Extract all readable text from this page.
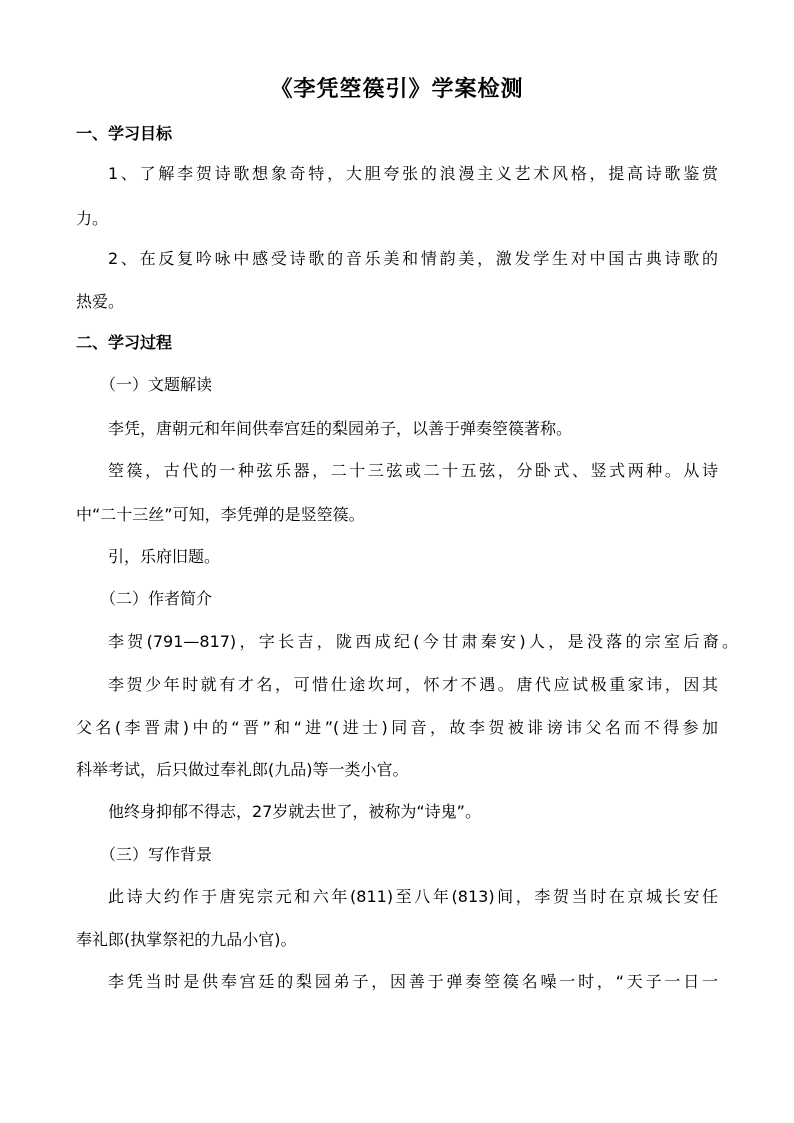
《李凭箜篌引》学案检测
一、学习目标
1、了解李贺诗歌想象奇特，大胆夸张的浪漫主义艺术风格，提高诗歌鉴赏
力。
2、在反复吟咏中感受诗歌的音乐美和情韵美，激发学生对中国古典诗歌的
热爱。
二、学习过程
（一）文题解读
李凭，唐朝元和年间供奉宫廷的梨园弟子，以善于弹奏箜篌著称。
箜篌，古代的一种弦乐器，二十三弦或二十五弦，分卧式、竖式两种。从诗
中“二十三丝”可知，李凭弹的是竖箜篌。
引，乐府旧题。
（二）作者简介
李贺(791—817)，字长吉，陇西成纪(今甘肃秦安)人，是没落的宗室后裔。
李贺少年时就有才名，可惜仕途坎坷，怀才不遇。唐代应试极重家讳，因其
父名(李晋肃)中的“晋”和“进”(进士)同音，故李贺被诽谤讳父名而不得参加
科举考试，后只做过奉礼郎(九品)等一类小官。
他终身抑郁不得志，27岁就去世了，被称为“诗鬼”。
（三）写作背景
此诗大约作于唐宪宗元和六年(811)至八年(813)间，李贺当时在京城长安任
奉礼郎(执掌祭祀的九品小官)。
李凭当时是供奉宫廷的梨园弟子，因善于弹奏箜篌名噪一时，“天子一日一
